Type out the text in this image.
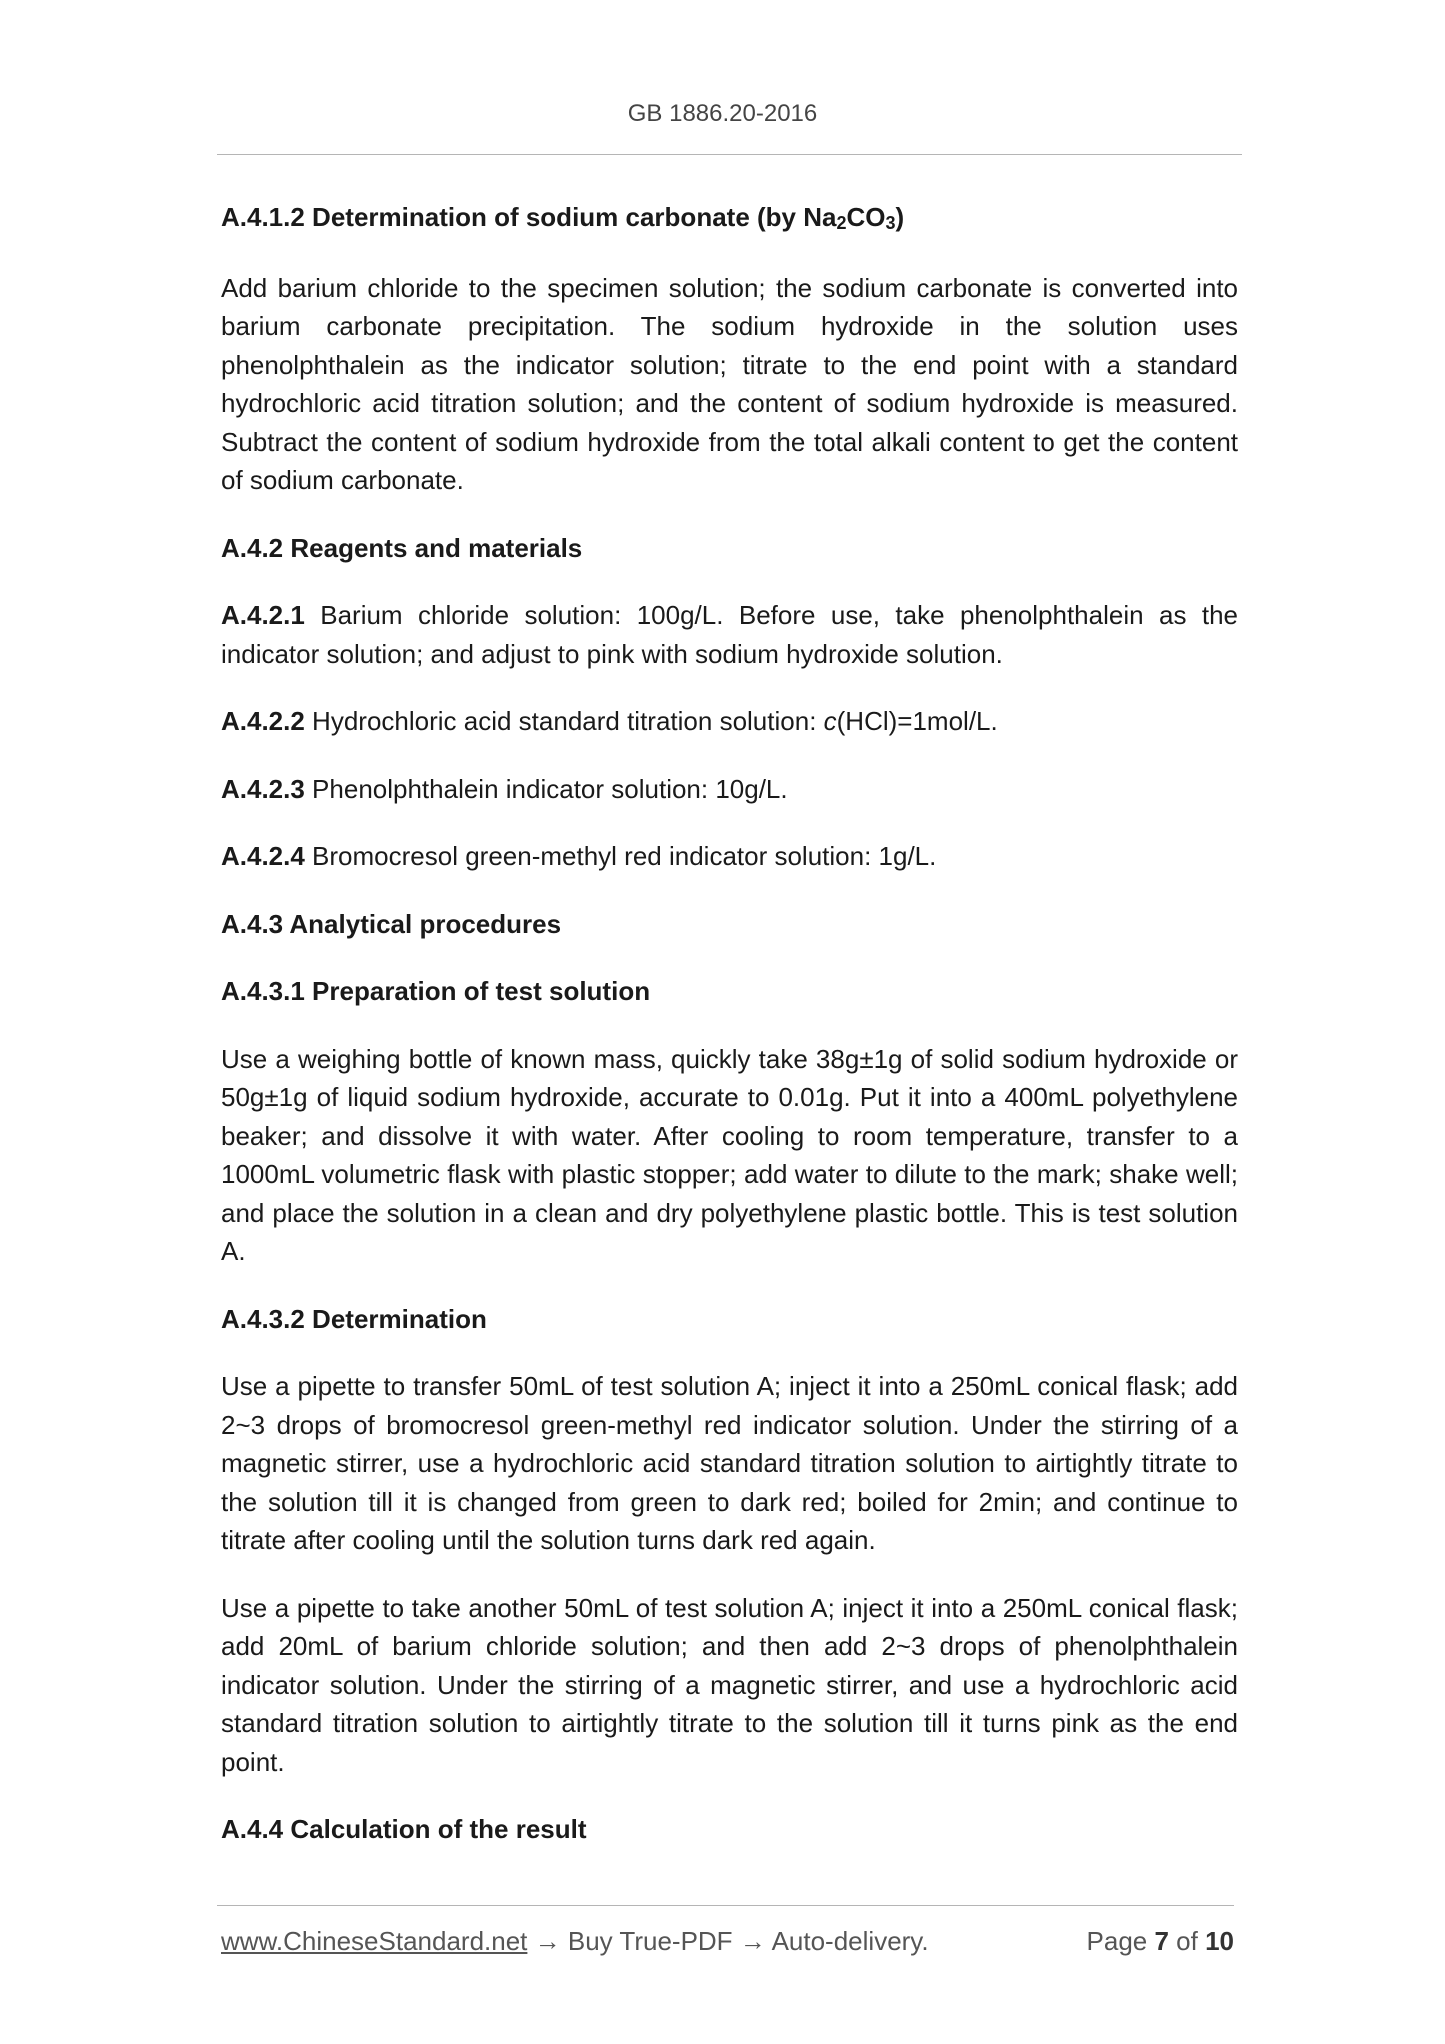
GB 1886.20-2016
A.4.1.2 Determination of sodium carbonate (by $Na_2CO_3$)

Add barium chloride to the specimen solution; the sodium carbonate is converted into barium carbonate precipitation. The sodium hydroxide in the solution uses phenolphthalein as the indicator solution; titrate to the end point with a standard hydrochloric acid titration solution; and the content of sodium hydroxide is measured. Subtract the content of sodium hydroxide from the total alkali content to get the content of sodium carbonate.

A.4.2 Reagents and materials

A.4.2.1 Barium chloride solution: 100g/L. Before use, take phenolphthalein as the indicator solution; and adjust to pink with sodium hydroxide solution.

A.4.2.2 Hydrochloric acid standard titration solution: c(HCl)=1mol/L.

A.4.2.3 Phenolphthalein indicator solution: 10g/L.

A.4.2.4 Bromocresol green-methyl red indicator solution: 1g/L.

A.4.3 Analytical procedures
A.4.3.1 Preparation of test solution

Use a weighing bottle of known mass, quickly take 38g±1g of solid sodium hydroxide or 50g±1g of liquid sodium hydroxide, accurate to 0.01g. Put it into a 400mL polyethylene beaker; and dissolve it with water. After cooling to room temperature, transfer to a 1000mL volumetric flask with plastic stopper; add water to dilute to the mark; shake well; and place the solution in a clean and dry polyethylene plastic bottle. This is test solution A.

A.4.3.2 Determination

Use a pipette to transfer 50mL of test solution A; inject it into a 250mL conical flask; add 2~3 drops of bromocresol green-methyl red indicator solution. Under the stirring of a magnetic stirrer, use a hydrochloric acid standard titration solution to airtightly titrate to the solution till it is changed from green to dark red; boiled for 2min; and continue to titrate after cooling until the solution turns dark red again.

Use a pipette to take another 50mL of test solution A; inject it into a 250mL conical flask; add 20mL of barium chloride solution; and then add 2~3 drops of phenolphthalein indicator solution. Under the stirring of a magnetic stirrer, and use a hydrochloric acid standard titration solution to airtightly titrate to the solution till it turns pink as the end point.

A.4.4 Calculation of the result
www.ChineseStandard.net → Buy True-PDF → Auto-delivery.	Page 7 of 10
